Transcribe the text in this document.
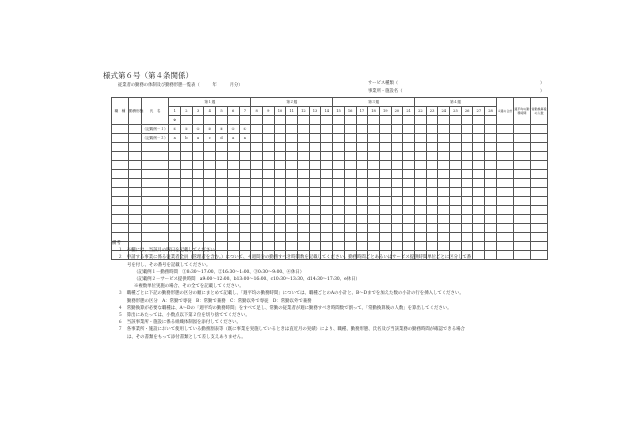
様式第６号（第４条関係）
従業者の勤務の体制及び勤務形態一覧表（　　　年　　　月分）	サービス種類（	）
事業所・施設名（	）
職　種	勤務形態	氏　名	第１週							第２週							第３週							第４週							４週の合計	週平均の勤務時間	常勤換算後の人数
			1	2	3	4	5	6	7	8	9	10	11	12	13	14	15	16	17	18	19	20	21	22	23	24	25	26	27	28			
			※																														
		（記載例－１）	①	①	①	②	②	①	①																								
		（記載例－２）	a	b	a	c	d	a	a																								

備考
１　※欄には、当該月の曜日を記載してください。
２　申請する事業に係る従業者全員（管理者を含む。）について、４週間分の勤務すべき時間数を記載してください。勤務時間ごとあるいはサービス提供時間単位ごとに区分して番
号を付し、その番号を記載してください。
（記載例１－勤務時間　①8:30～17:00、②16:30～1:00、③0:30～9:00、④休日）
（記載例２－サービス提供時間　a9:00～12:00、b13:00～16:00、c10:30～13:30、d14:30～17:30、e休日）
※複数単位実施の場合、その全てを記載してください。
３　職種ごとに下記の勤務形態の区分の順にまとめて記載し、「週平均の勤務時間」については、職種ごとのAの小計と、B～Dまでを加えた数の小計の行を挿入してください。
勤務形態の区分　A：常勤で専従　B：常勤で兼務　C：常勤以外で専従　D：常勤以外で兼務
４　常勤換算が必要な職種は、A～Dの「週平均の勤務時間」をすべて足し、常勤の従業者が週に勤務すべき時間数で割って、「常勤換算後の人数」を算出してください。
５　算出にあたっては、小数点以下第２位を切り捨ててください。
６　当該事業所・施設に係る組織体制図を添付してください。
７　各事業所・施設において使用している勤務割表等（既に事業を実施しているときは直近月の実績）により、職種、勤務形態、氏名及び当該業務の勤務時間が確認できる場合
は、その書類をもって添付書類として差し支えありません。
